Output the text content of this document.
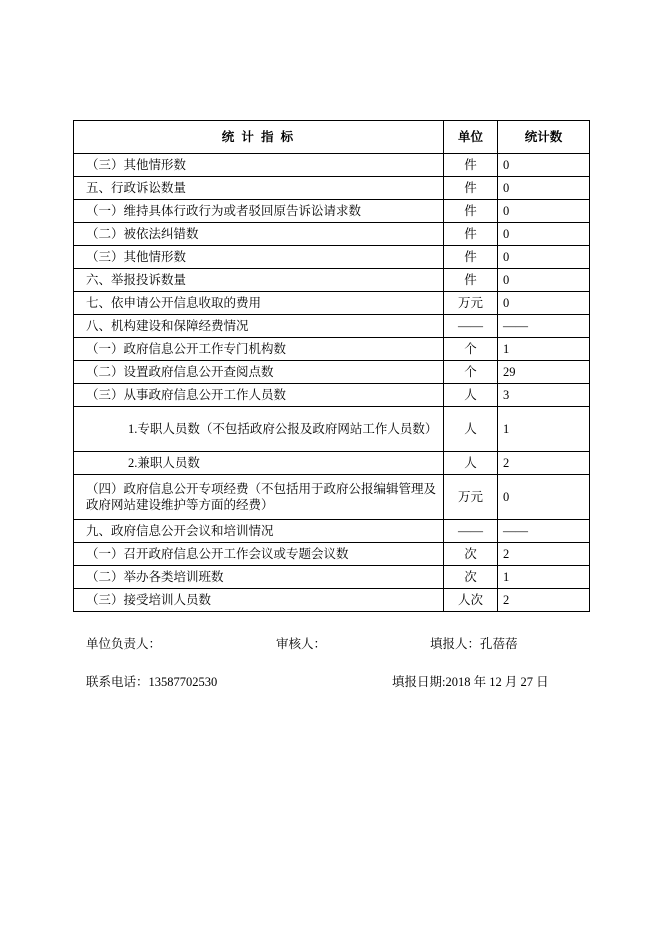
统 计 指 标	单位	统计数
（三）其他情形数	件	0
五、行政诉讼数量	件	0
（一）维持具体行政行为或者驳回原告诉讼请求数	件	0
（二）被依法纠错数	件	0
（三）其他情形数	件	0
六、举报投诉数量	件	0
七、依申请公开信息收取的费用	万元	0
八、机构建设和保障经费情况	——	——
（一）政府信息公开工作专门机构数	个	1
（二）设置政府信息公开查阅点数	个	29
（三）从事政府信息公开工作人员数	人	3
1.专职人员数（不包括政府公报及政府网站工作人员数）	人	1
2.兼职人员数	人	2
（四）政府信息公开专项经费（不包括用于政府公报编辑管理及政府网站建设维护等方面的经费）	万元	0
九、政府信息公开会议和培训情况	——	——
（一）召开政府信息公开工作会议或专题会议数	次	2
（二）举办各类培训班数	次	1
（三）接受培训人员数	人次	2
单位负责人：	审核人：	填报人：孔蓓蓓
联系电话：13587702530	填报日期:2018 年 12 月 27 日
